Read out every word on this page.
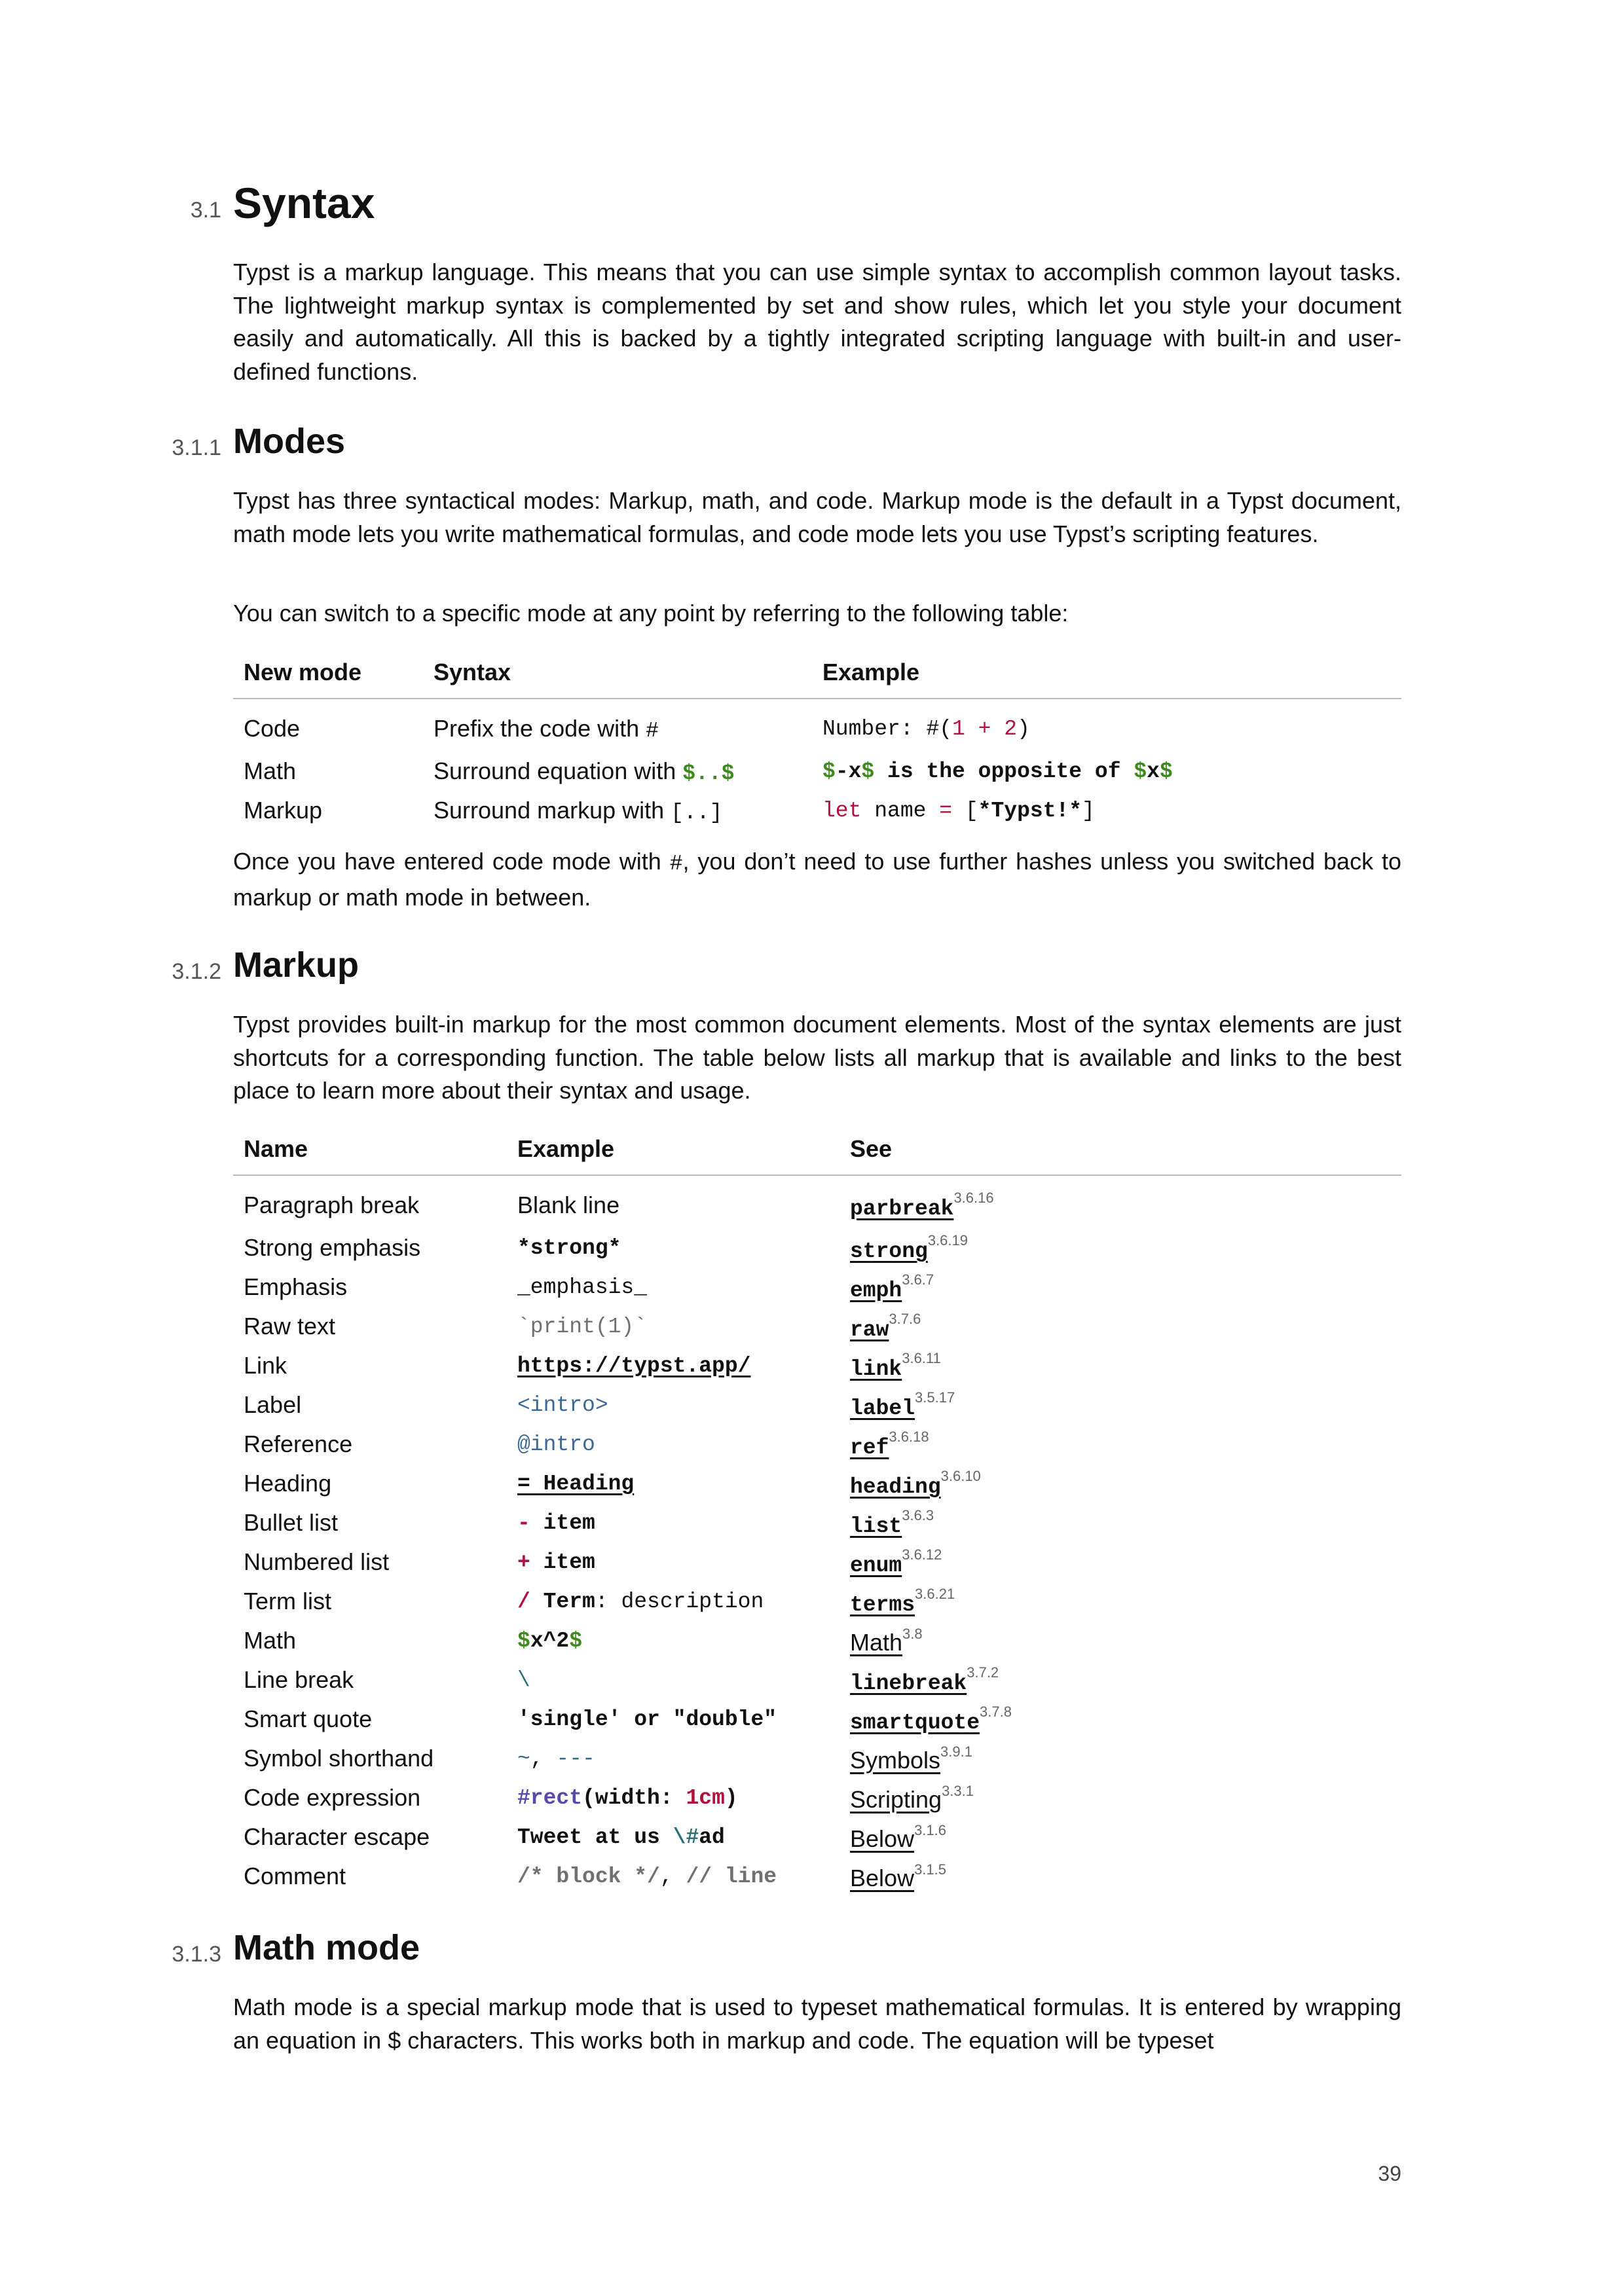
3.1 Syntax

Typst is a markup language. This means that you can use simple syntax to accomplish common layout tasks. The lightweight markup syntax is complemented by set and show rules, which let you style your document easily and automatically. All this is backed by a tightly integrated scripting language with built-in and user-defined functions.

3.1.1 Modes

Typst has three syntactical modes: Markup, math, and code. Markup mode is the default in a Typst document, math mode lets you write mathematical formulas, and code mode lets you use Typst’s scripting features.

You can switch to a specific mode at any point by referring to the following table:

New mode	Syntax	Example
Code	Prefix the code with #	Number: #(1 + 2)
Math	Surround equation with $..$	$-x$ is the opposite of $x$
Markup	Surround markup with [..]	let name = [*Typst!*]

Once you have entered code mode with #, you don’t need to use further hashes unless you switched back to markup or math mode in between.

3.1.2 Markup

Typst provides built-in markup for the most common document elements. Most of the syntax elements are just shortcuts for a corresponding function. The table below lists all markup that is available and links to the best place to learn more about their syntax and usage.

Name	Example	See
Paragraph break	Blank line	parbreak$^{3.6.16}$
Strong emphasis	*strong*	strong$^{3.6.19}$
Emphasis	_emphasis_	emph$^{3.6.7}$
Raw text	`print(1)`	raw$^{3.7.6}$
Link	https://typst.app/	link$^{3.6.11}$
Label	<intro>	label$^{3.5.17}$
Reference	@intro	ref$^{3.6.18}$
Heading	= Heading	heading$^{3.6.10}$
Bullet list	- item	list$^{3.6.3}$
Numbered list	+ item	enum$^{3.6.12}$
Term list	/ Term: description	terms$^{3.6.21}$
Math	$x^2$	Math$^{3.8}$
Line break	\	linebreak$^{3.7.2}$
Smart quote	'single' or "double"	smartquote$^{3.7.8}$
Symbol shorthand	~, ---	Symbols$^{3.9.1}$
Code expression	#rect(width: 1cm)	Scripting$^{3.3.1}$
Character escape	Tweet at us \#ad	Below$^{3.1.6}$
Comment	/* block */, // line	Below$^{3.1.5}$
3.1.3 Math mode

Math mode is a special markup mode that is used to typeset mathematical formulas. It is entered by wrapping an equation in $ characters. This works both in markup and code. The equation will be typeset

39
